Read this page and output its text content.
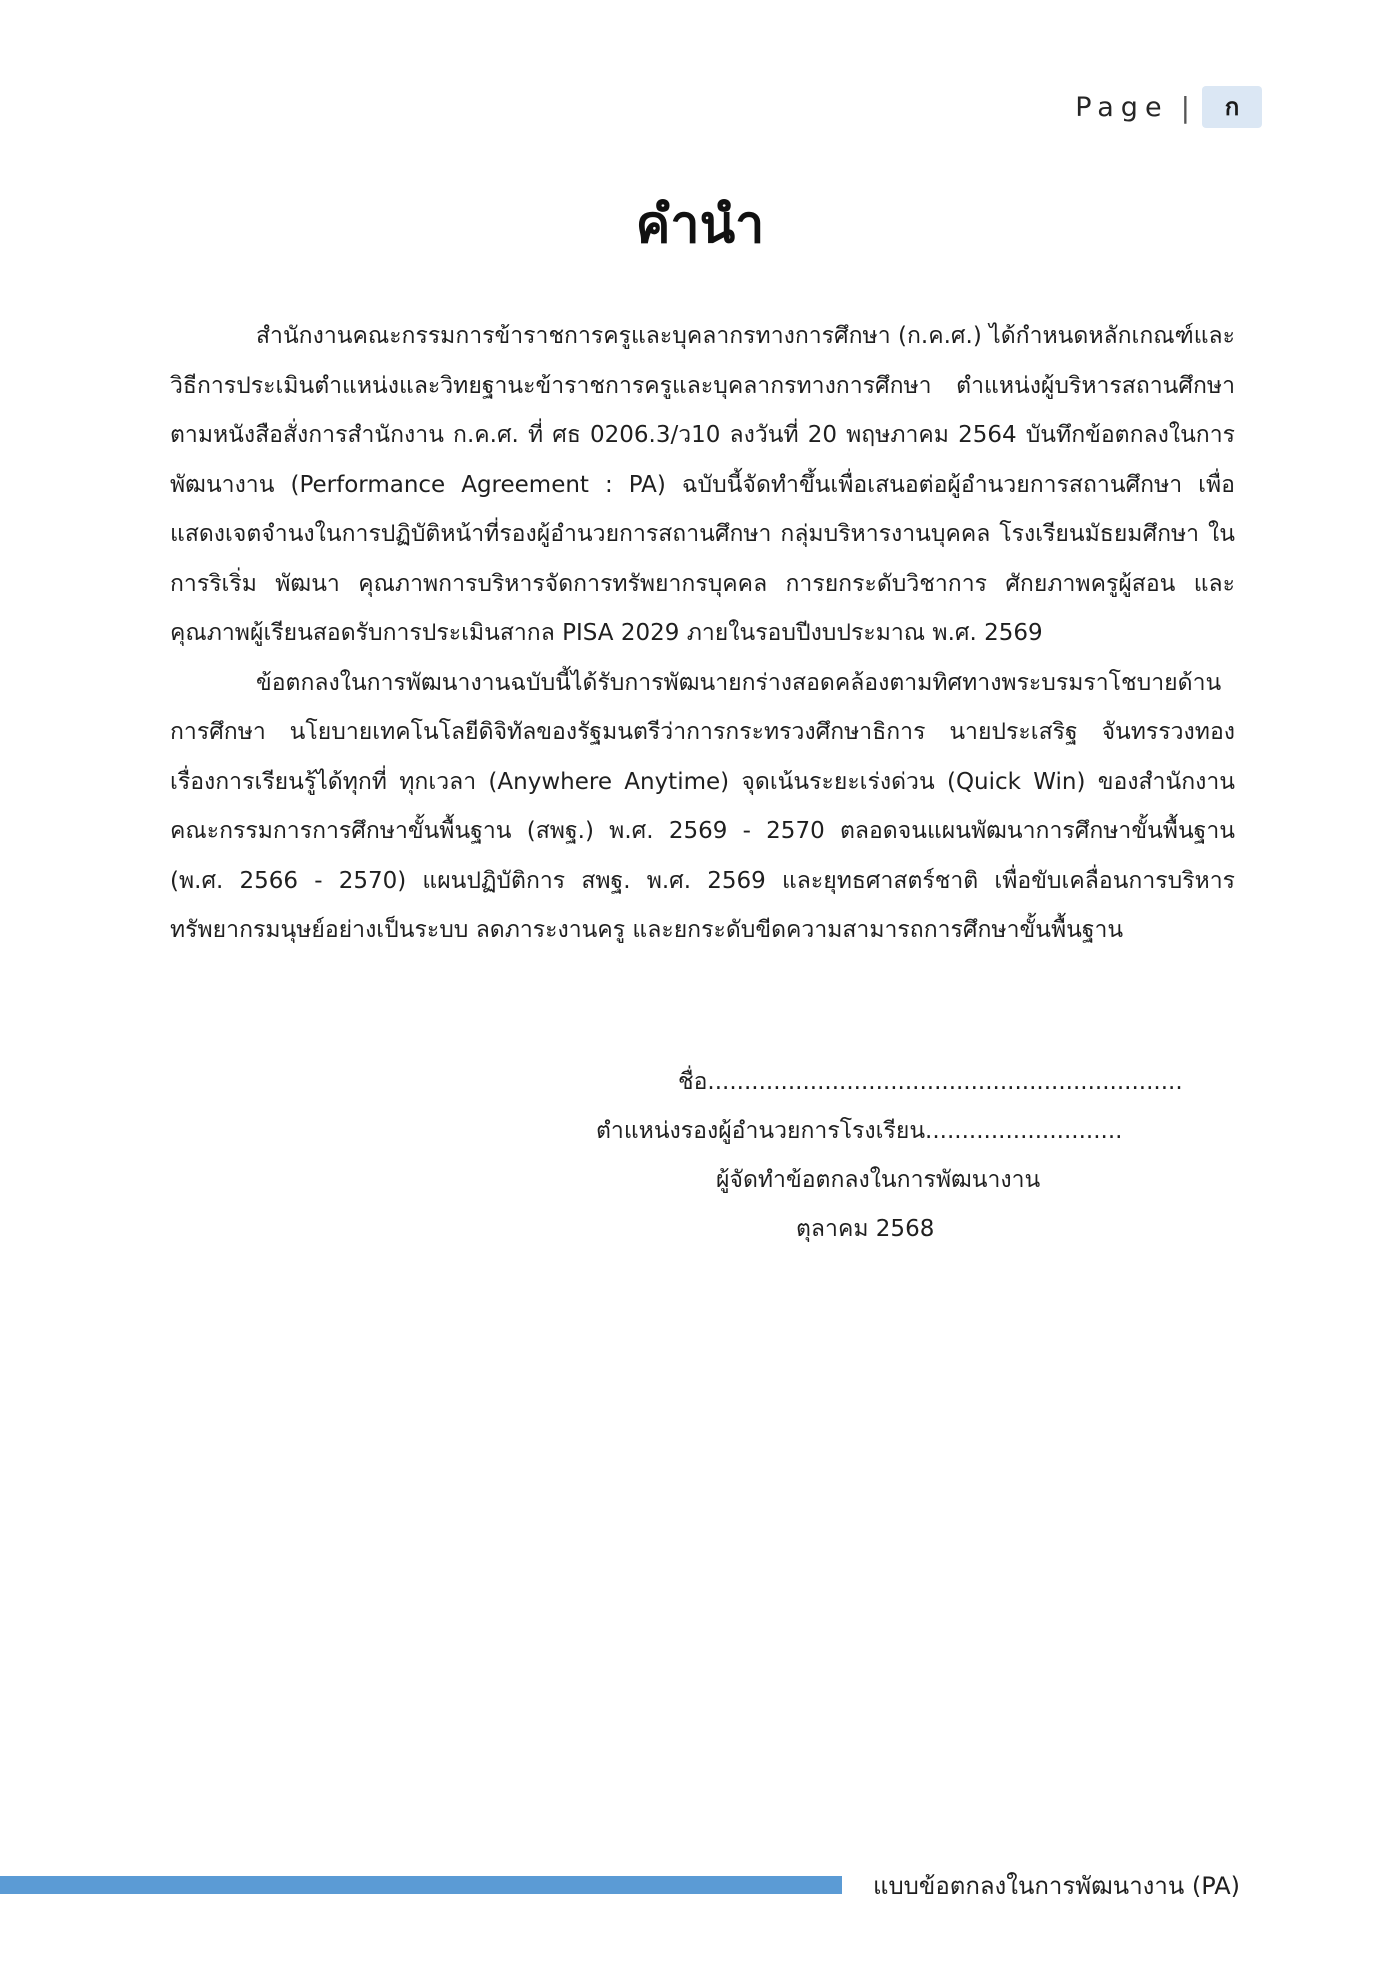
Page |	ก
คำนำ

สำนักงานคณะกรรมการข้าราชการครูและบุคลากรทางการศึกษา (ก.ค.ศ.) ได้กำหนดหลักเกณฑ์และวิธีการประเมินตำแหน่งและวิทยฐานะข้าราชการครูและบุคลากรทางการศึกษา ตำแหน่งผู้บริหารสถานศึกษา ตามหนังสือสั่งการสำนักงาน ก.ค.ศ. ที่ ศธ 0206.3/ว10 ลงวันที่ 20 พฤษภาคม 2564 บันทึกข้อตกลงในการพัฒนางาน (Performance Agreement : PA) ฉบับนี้จัดทำขึ้นเพื่อเสนอต่อผู้อำนวยการสถานศึกษา เพื่อแสดงเจตจำนงในการปฏิบัติหน้าที่รองผู้อำนวยการสถานศึกษา กลุ่มบริหารงานบุคคล โรงเรียนมัธยมศึกษา ในการริเริ่ม พัฒนา คุณภาพการบริหารจัดการทรัพยากรบุคคล การยกระดับวิชาการ ศักยภาพครูผู้สอน และคุณภาพผู้เรียนสอดรับการประเมินสากล PISA 2029 ภายในรอบปีงบประมาณ พ.ศ. 2569

ข้อตกลงในการพัฒนางานฉบับนี้ได้รับการพัฒนายกร่างสอดคล้องตามทิศทางพระบรมราโชบายด้านการศึกษา นโยบายเทคโนโลยีดิจิทัลของรัฐมนตรีว่าการกระทรวงศึกษาธิการ นายประเสริฐ จันทรรวงทอง เรื่องการเรียนรู้ได้ทุกที่ ทุกเวลา (Anywhere Anytime) จุดเน้นระยะเร่งด่วน (Quick Win) ของสำนักงานคณะกรรมการการศึกษาขั้นพื้นฐาน (สพฐ.) พ.ศ. 2569 - 2570 ตลอดจนแผนพัฒนาการศึกษาขั้นพื้นฐาน (พ.ศ. 2566 - 2570) แผนปฏิบัติการ สพฐ. พ.ศ. 2569 และยุทธศาสตร์ชาติ เพื่อขับเคลื่อนการบริหารทรัพยากรมนุษย์อย่างเป็นระบบ ลดภาระงานครู และยกระดับขีดความสามารถการศึกษาขั้นพื้นฐาน

ชื่อ.................................................................
ตำแหน่งรองผู้อำนวยการโรงเรียน...........................
ผู้จัดทำข้อตกลงในการพัฒนางาน
ตุลาคม 2568
แบบข้อตกลงในการพัฒนางาน (PA)
